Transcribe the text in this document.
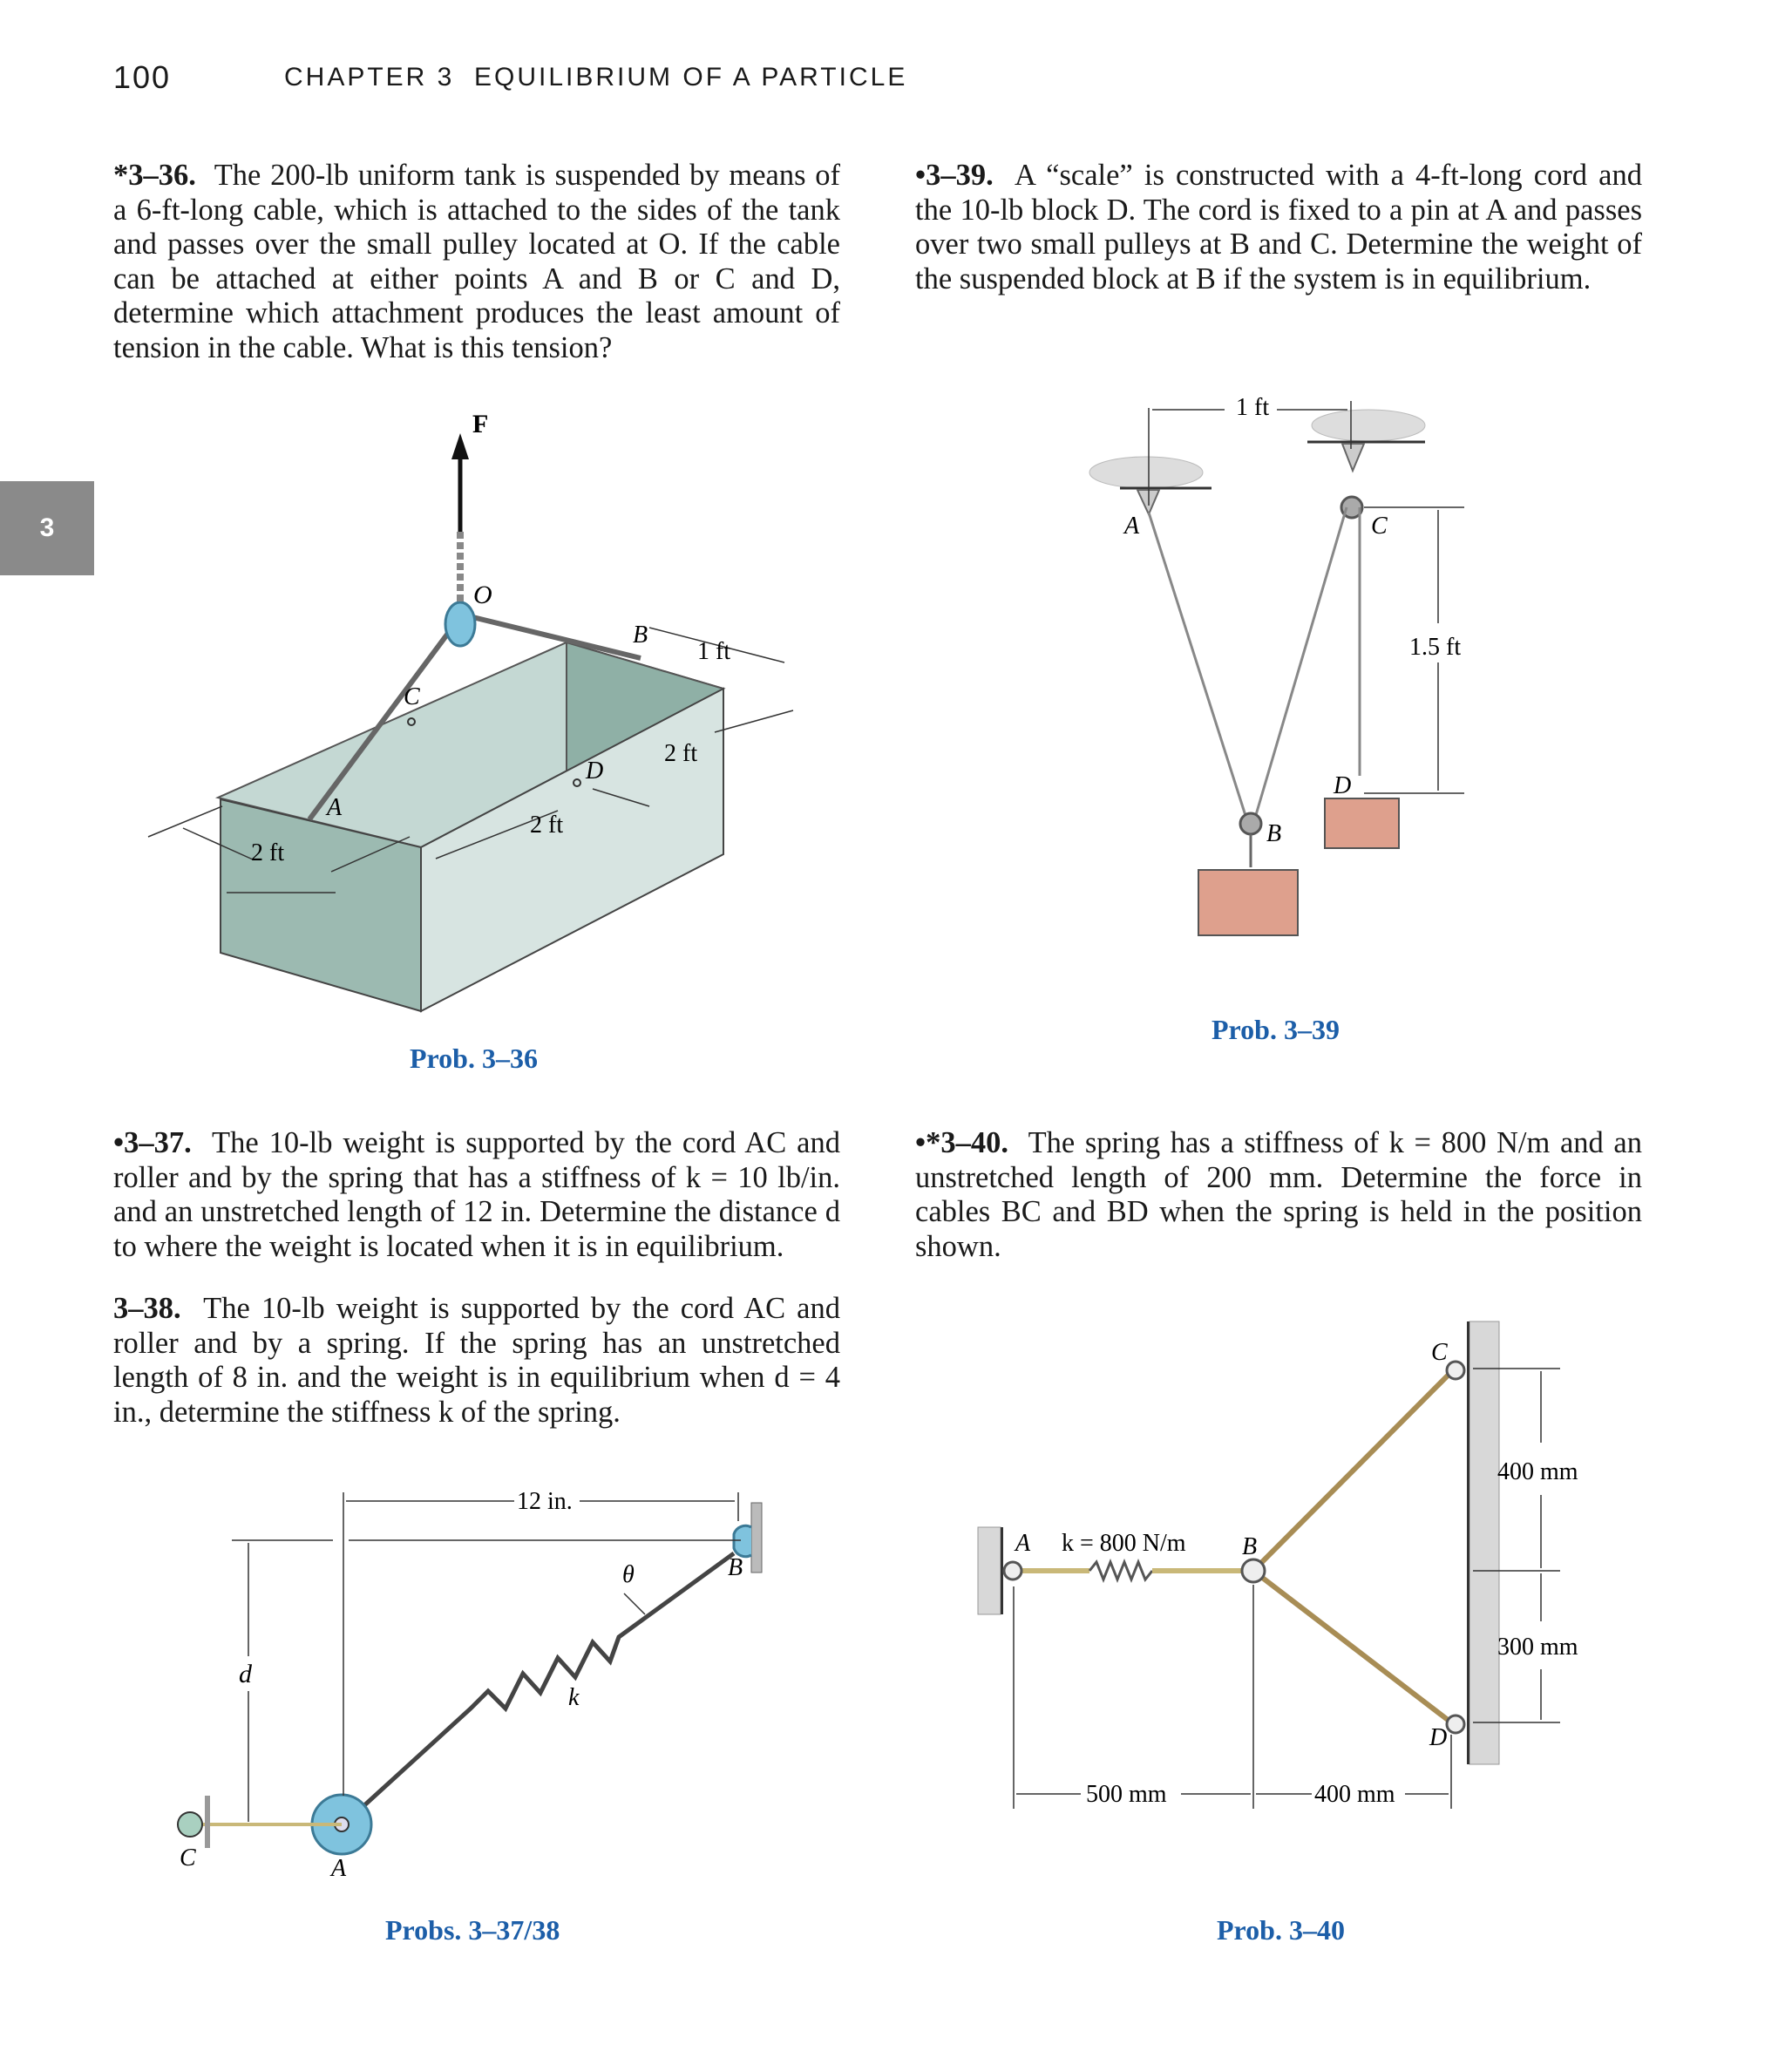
100	CHAPTER 3 EQUILIBRIUM OF A PARTICLE
3
*3–36. The 200-lb uniform tank is suspended by means of a 6-ft-long cable, which is attached to the sides of the tank and passes over the small pulley located at O. If the cable can be attached at either points A and B or C and D, determine which attachment produces the least amount of tension in the cable. What is this tension?
•3–39. A “scale” is constructed with a 4-ft-long cord and the 10-lb block D. The cord is fixed to a pin at A and passes over two small pulleys at B and C. Determine the weight of the suspended block at B if the system is in equilibrium.
•3–37. The 10-lb weight is supported by the cord AC and roller and by the spring that has a stiffness of k = 10 lb/in. and an unstretched length of 12 in. Determine the distance d to where the weight is located when it is in equilibrium.
3–38. The 10-lb weight is supported by the cord AC and roller and by a spring. If the spring has an unstretched length of 8 in. and the weight is in equilibrium when d = 4 in., determine the stiffness k of the spring.
•*3–40. The spring has a stiffness of k = 800 N/m and an unstretched length of 200 mm. Determine the force in cables BC and BD when the spring is held in the position shown.
F
O
C
A
D
B
2 ft
2 ft
2 ft
1 ft
Prob. 3–36
A	C
B
D
1 ft
1.5 ft
Prob. 3–39
C	A
B
k
θ
d
12 in.
Probs. 3–37/38
A k = 800 N/m B
C
D
400 mm
300 mm
500 mm	400 mm
Prob. 3–40
